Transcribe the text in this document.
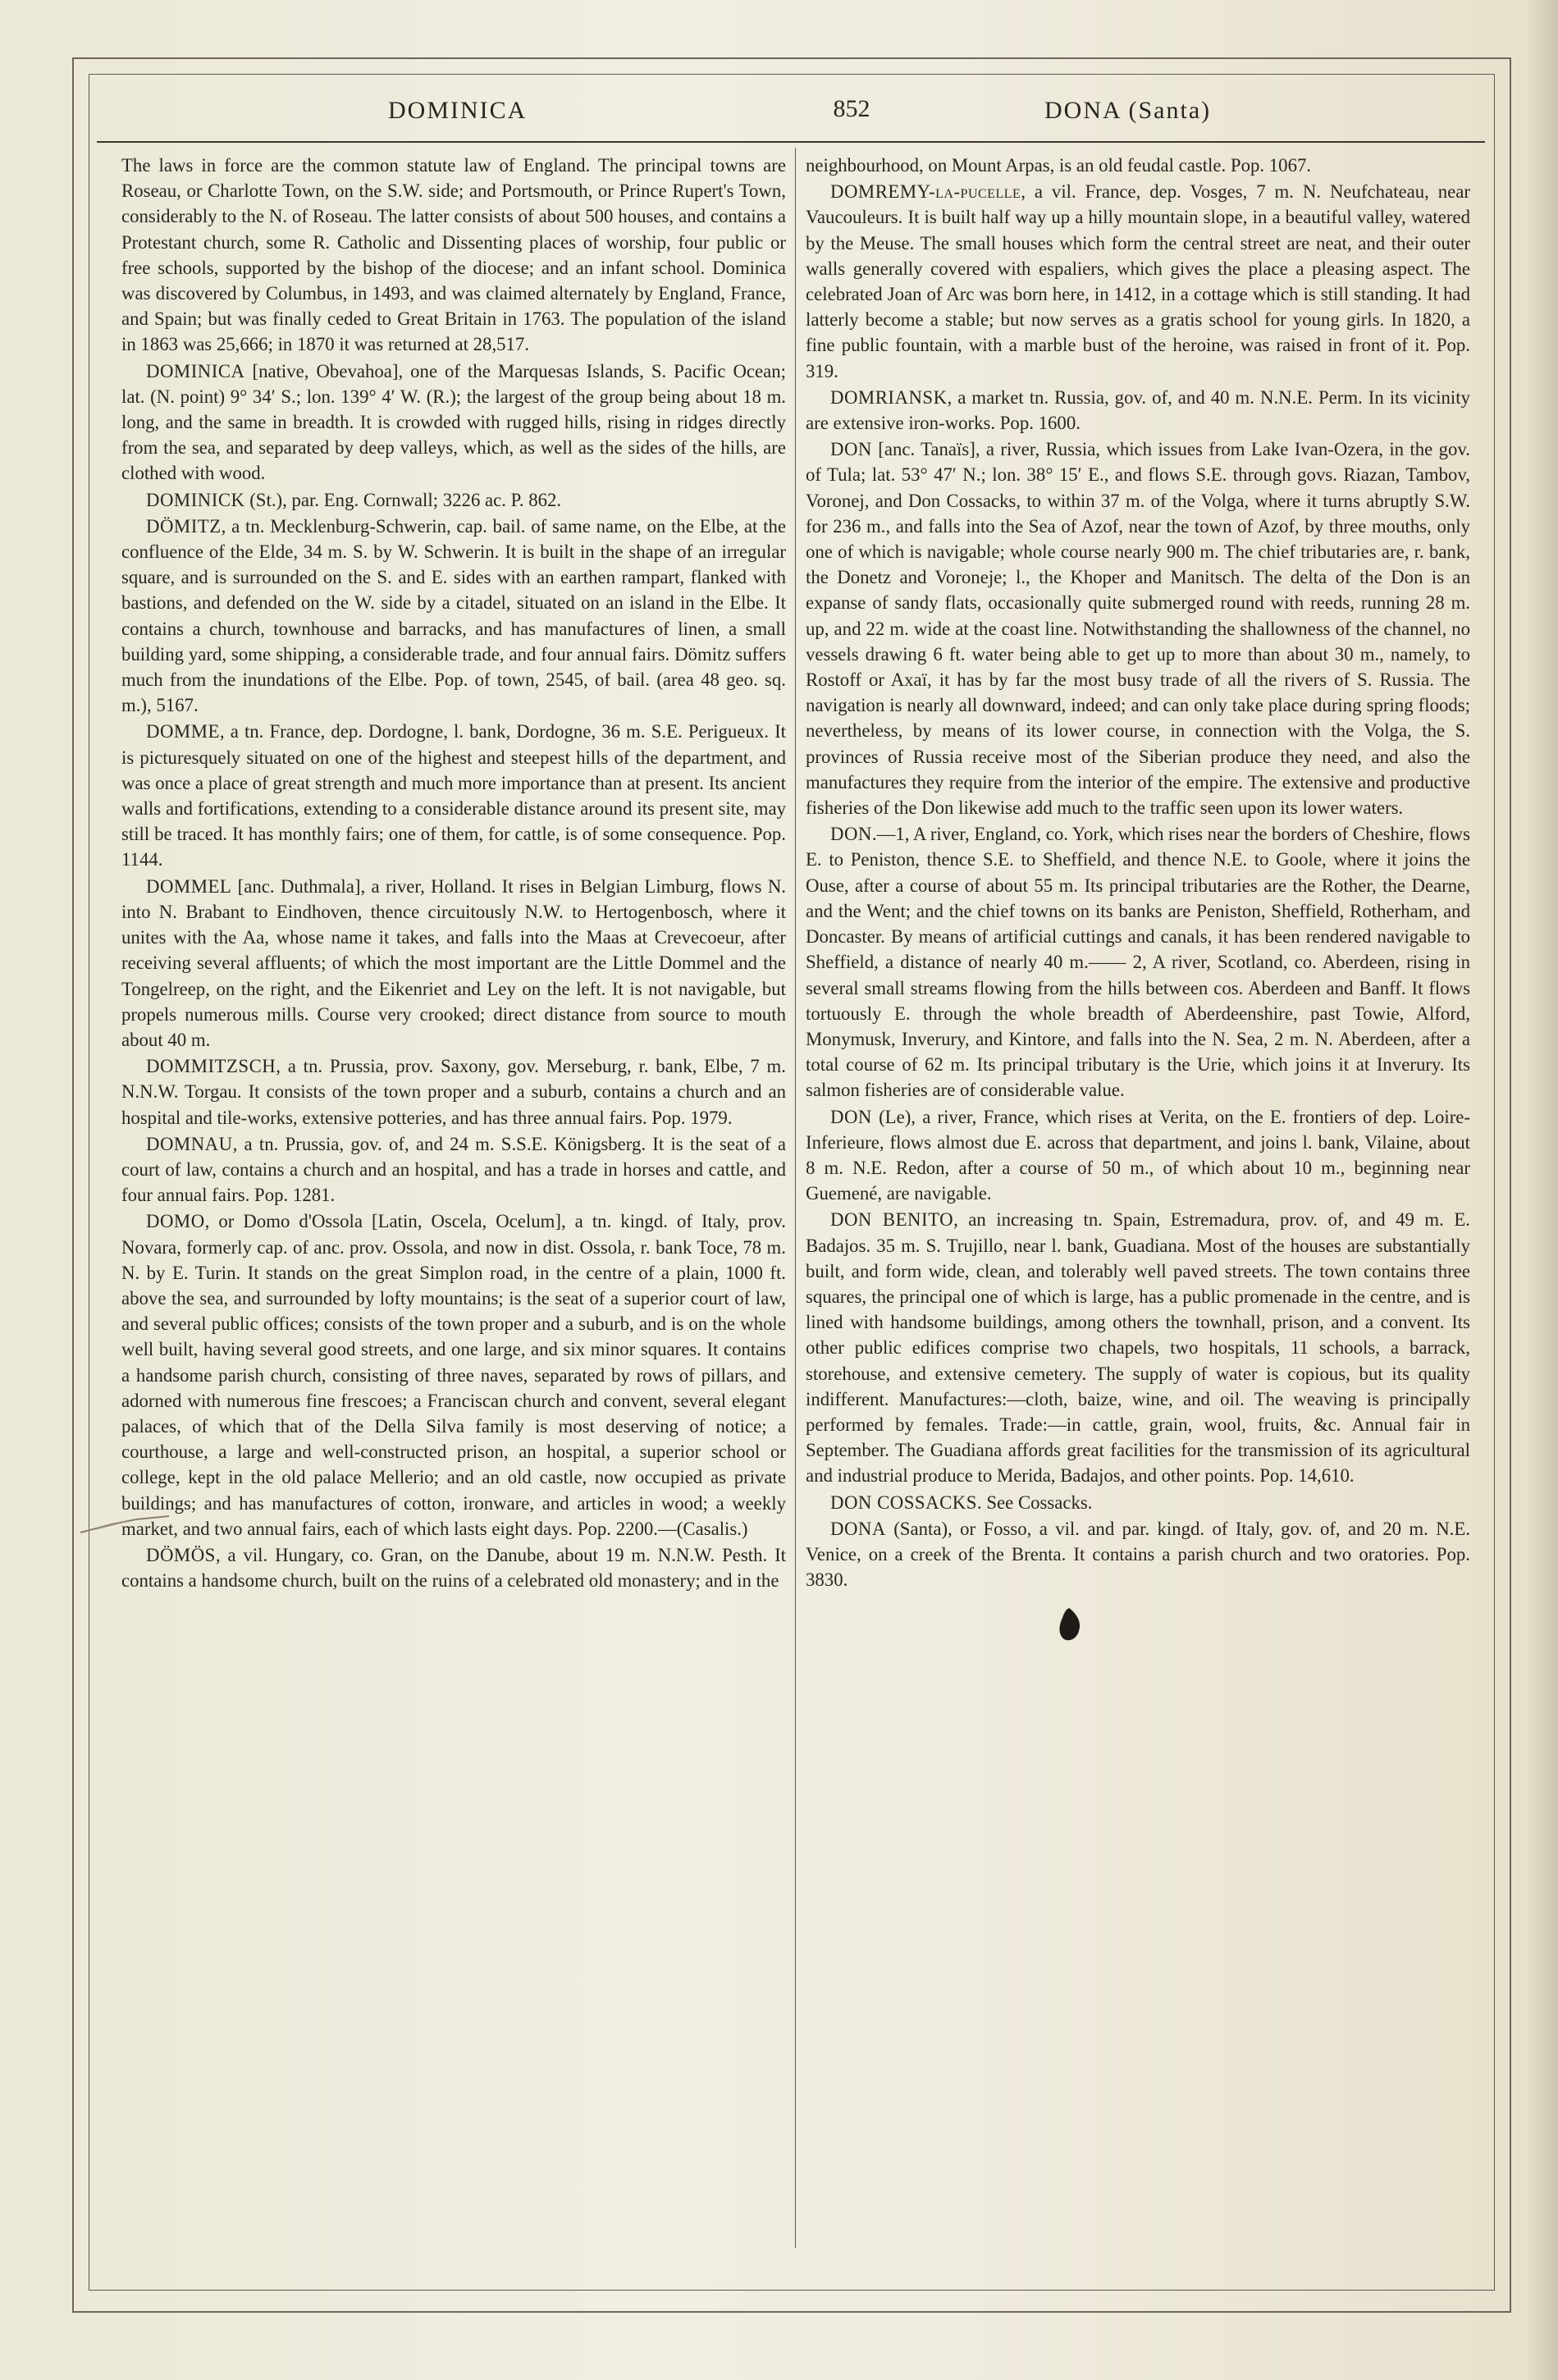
DOMINICA	852	DONA (Santa)

The laws in force are the common statute law of England. The principal towns are Roseau, or Charlotte Town, on the S.W. side; and Portsmouth, or Prince Rupert's Town, considerably to the N. of Roseau. The latter consists of about 500 houses, and contains a Protestant church, some R. Catholic and Dissenting places of worship, four public or free schools, supported by the bishop of the diocese; and an infant school. Dominica was discovered by Columbus, in 1493, and was claimed alternately by England, France, and Spain; but was finally ceded to Great Britain in 1763. The population of the island in 1863 was 25,666; in 1870 it was returned at 28,517.

DOMINICA [native, Obevahoa], one of the Marquesas Islands, S. Pacific Ocean; lat. (N. point) 9° 34′ S.; lon. 139° 4′ W. (R.); the largest of the group being about 18 m. long, and the same in breadth. It is crowded with rugged hills, rising in ridges directly from the sea, and separated by deep valleys, which, as well as the sides of the hills, are clothed with wood.

DOMINICK (St.), par. Eng. Cornwall; 3226 ac. P. 862.

DÖMITZ, a tn. Mecklenburg-Schwerin, cap. bail. of same name, on the Elbe, at the confluence of the Elde, 34 m. S. by W. Schwerin. It is built in the shape of an irregular square, and is surrounded on the S. and E. sides with an earthen rampart, flanked with bastions, and defended on the W. side by a citadel, situated on an island in the Elbe. It contains a church, townhouse and barracks, and has manufactures of linen, a small building yard, some shipping, a considerable trade, and four annual fairs. Dömitz suffers much from the inundations of the Elbe. Pop. of town, 2545, of bail. (area 48 geo. sq. m.), 5167.

DOMME, a tn. France, dep. Dordogne, l. bank, Dordogne, 36 m. S.E. Perigueux. It is picturesquely situated on one of the highest and steepest hills of the department, and was once a place of great strength and much more importance than at present. Its ancient walls and fortifications, extending to a considerable distance around its present site, may still be traced. It has monthly fairs; one of them, for cattle, is of some consequence. Pop. 1144.

DOMMEL [anc. Duthmala], a river, Holland. It rises in Belgian Limburg, flows N. into N. Brabant to Eindhoven, thence circuitously N.W. to Hertogenbosch, where it unites with the Aa, whose name it takes, and falls into the Maas at Crevecoeur, after receiving several affluents; of which the most important are the Little Dommel and the Tongelreep, on the right, and the Eikenriet and Ley on the left. It is not navigable, but propels numerous mills. Course very crooked; direct distance from source to mouth about 40 m.

DOMMITZSCH, a tn. Prussia, prov. Saxony, gov. Merseburg, r. bank, Elbe, 7 m. N.N.W. Torgau. It consists of the town proper and a suburb, contains a church and an hospital and tile-works, extensive potteries, and has three annual fairs. Pop. 1979.

DOMNAU, a tn. Prussia, gov. of, and 24 m. S.S.E. Königsberg. It is the seat of a court of law, contains a church and an hospital, and has a trade in horses and cattle, and four annual fairs. Pop. 1281.

DOMO, or Domo d'Ossola [Latin, Oscela, Ocelum], a tn. kingd. of Italy, prov. Novara, formerly cap. of anc. prov. Ossola, and now in dist. Ossola, r. bank Toce, 78 m. N. by E. Turin. It stands on the great Simplon road, in the centre of a plain, 1000 ft. above the sea, and surrounded by lofty mountains; is the seat of a superior court of law, and several public offices; consists of the town proper and a suburb, and is on the whole well built, having several good streets, and one large, and six minor squares. It contains a handsome parish church, consisting of three naves, separated by rows of pillars, and adorned with numerous fine frescoes; a Franciscan church and convent, several elegant palaces, of which that of the Della Silva family is most deserving of notice; a courthouse, a large and well-constructed prison, an hospital, a superior school or college, kept in the old palace Mellerio; and an old castle, now occupied as private buildings; and has manufactures of cotton, ironware, and articles in wood; a weekly market, and two annual fairs, each of which lasts eight days. Pop. 2200.—(Casalis.)

DÖMÖS, a vil. Hungary, co. Gran, on the Danube, about 19 m. N.N.W. Pesth. It contains a handsome church, built on the ruins of a celebrated old monastery; and in the

neighbourhood, on Mount Arpas, is an old feudal castle. Pop. 1067.

DOMREMY-la-pucelle, a vil. France, dep. Vosges, 7 m. N. Neufchateau, near Vaucouleurs. It is built half way up a hilly mountain slope, in a beautiful valley, watered by the Meuse. The small houses which form the central street are neat, and their outer walls generally covered with espaliers, which gives the place a pleasing aspect. The celebrated Joan of Arc was born here, in 1412, in a cottage which is still standing. It had latterly become a stable; but now serves as a gratis school for young girls. In 1820, a fine public fountain, with a marble bust of the heroine, was raised in front of it. Pop. 319.

DOMRIANSK, a market tn. Russia, gov. of, and 40 m. N.N.E. Perm. In its vicinity are extensive iron-works. Pop. 1600.

DON [anc. Tanaïs], a river, Russia, which issues from Lake Ivan-Ozera, in the gov. of Tula; lat. 53° 47′ N.; lon. 38° 15′ E., and flows S.E. through govs. Riazan, Tambov, Voronej, and Don Cossacks, to within 37 m. of the Volga, where it turns abruptly S.W. for 236 m., and falls into the Sea of Azof, near the town of Azof, by three mouths, only one of which is navigable; whole course nearly 900 m. The chief tributaries are, r. bank, the Donetz and Voroneje; l., the Khoper and Manitsch. The delta of the Don is an expanse of sandy flats, occasionally quite submerged round with reeds, running 28 m. up, and 22 m. wide at the coast line. Notwithstanding the shallowness of the channel, no vessels drawing 6 ft. water being able to get up to more than about 30 m., namely, to Rostoff or Axaï, it has by far the most busy trade of all the rivers of S. Russia. The navigation is nearly all downward, indeed; and can only take place during spring floods; nevertheless, by means of its lower course, in connection with the Volga, the S. provinces of Russia receive most of the Siberian produce they need, and also the manufactures they require from the interior of the empire. The extensive and productive fisheries of the Don likewise add much to the traffic seen upon its lower waters.

DON.—1, A river, England, co. York, which rises near the borders of Cheshire, flows E. to Peniston, thence S.E. to Sheffield, and thence N.E. to Goole, where it joins the Ouse, after a course of about 55 m. Its principal tributaries are the Rother, the Dearne, and the Went; and the chief towns on its banks are Peniston, Sheffield, Rotherham, and Doncaster. By means of artificial cuttings and canals, it has been rendered navigable to Sheffield, a distance of nearly 40 m.—— 2, A river, Scotland, co. Aberdeen, rising in several small streams flowing from the hills between cos. Aberdeen and Banff. It flows tortuously E. through the whole breadth of Aberdeenshire, past Towie, Alford, Monymusk, Inverury, and Kintore, and falls into the N. Sea, 2 m. N. Aberdeen, after a total course of 62 m. Its principal tributary is the Urie, which joins it at Inverury. Its salmon fisheries are of considerable value.

DON (Le), a river, France, which rises at Verita, on the E. frontiers of dep. Loire-Inferieure, flows almost due E. across that department, and joins l. bank, Vilaine, about 8 m. N.E. Redon, after a course of 50 m., of which about 10 m., beginning near Guemené, are navigable.

DON BENITO, an increasing tn. Spain, Estremadura, prov. of, and 49 m. E. Badajos. 35 m. S. Trujillo, near l. bank, Guadiana. Most of the houses are substantially built, and form wide, clean, and tolerably well paved streets. The town contains three squares, the principal one of which is large, has a public promenade in the centre, and is lined with handsome buildings, among others the townhall, prison, and a convent. Its other public edifices comprise two chapels, two hospitals, 11 schools, a barrack, storehouse, and extensive cemetery. The supply of water is copious, but its quality indifferent. Manufactures:—cloth, baize, wine, and oil. The weaving is principally performed by females. Trade:—in cattle, grain, wool, fruits, &c. Annual fair in September. The Guadiana affords great facilities for the transmission of its agricultural and industrial produce to Merida, Badajos, and other points. Pop. 14,610.

DON COSSACKS. See Cossacks.

DONA (Santa), or Fosso, a vil. and par. kingd. of Italy, gov. of, and 20 m. N.E. Venice, on a creek of the Brenta. It contains a parish church and two oratories. Pop. 3830.
